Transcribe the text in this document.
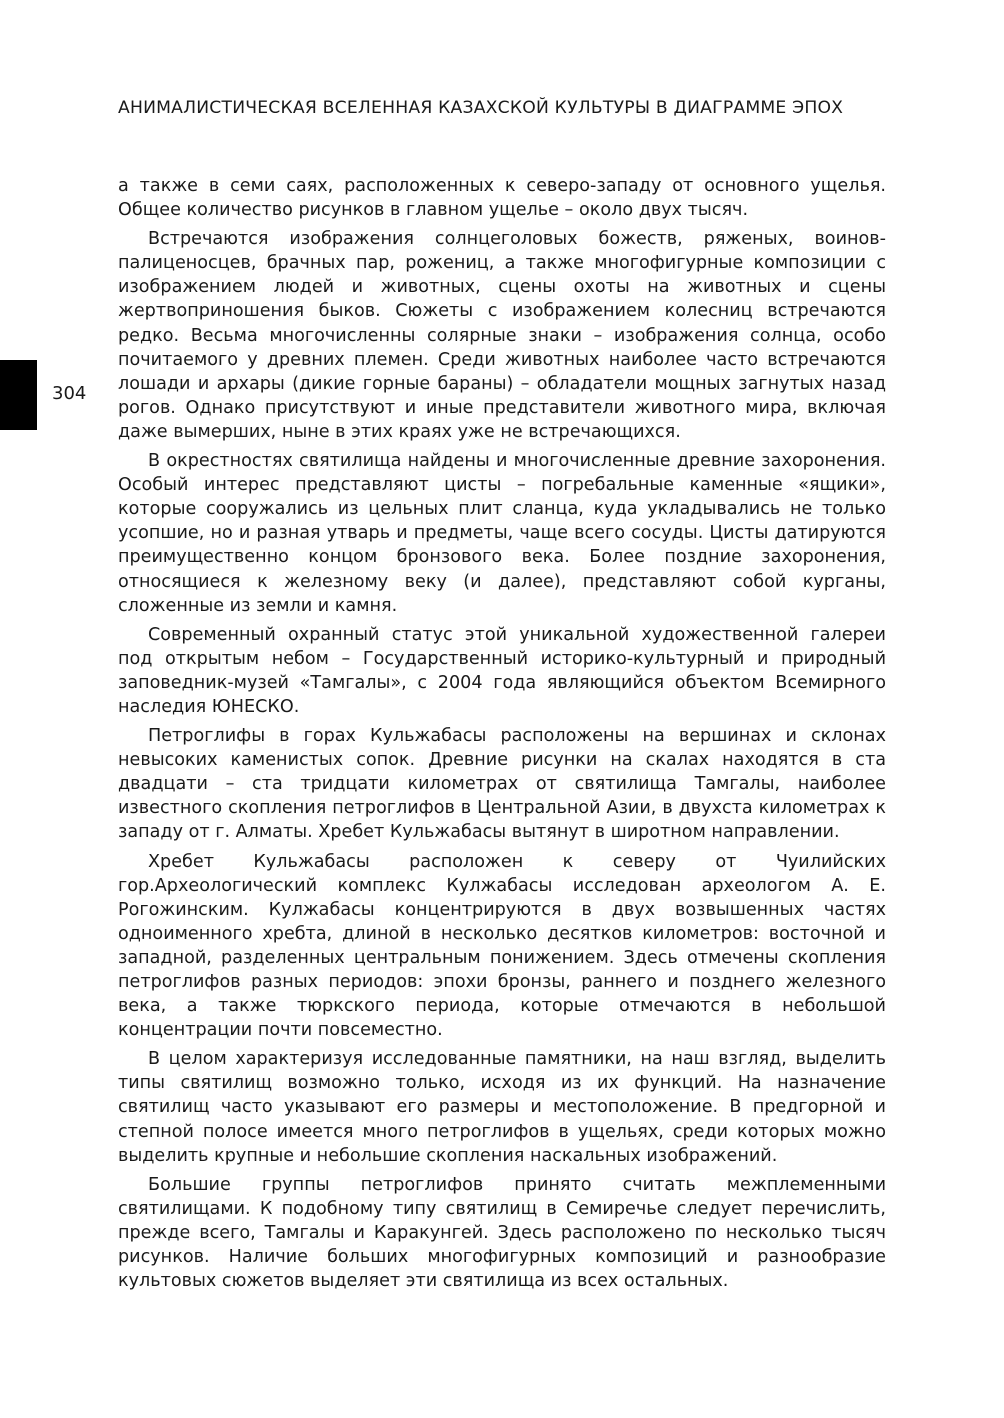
АНИМАЛИСТИЧЕСКАЯ ВСЕЛЕННАЯ КАЗАХСКОЙ КУЛЬТУРЫ В ДИАГРАММЕ ЭПОХ
304

а также в семи саях, расположенных к северо-западу от основного ущелья. Общее количество рисунков в главном ущелье – около двух тысяч.

Встречаются изображения солнцеголовых божеств, ряженых, воинов-палиценосцев, брачных пар, рожениц, а также многофигурные композиции с изображением людей и животных, сцены охоты на животных и сцены жертвоприношения быков. Сюжеты с изображением колесниц встречаются редко. Весьма многочисленны солярные знаки – изображения солнца, особо почитаемого у древних племен. Среди животных наиболее часто встречаются лошади и архары (дикие горные бараны) – обладатели мощных загнутых назад рогов. Однако присутствуют и иные представители животного мира, включая даже вымерших, ныне в этих краях уже не встречающихся.

В окрестностях святилища найдены и многочисленные древние захоронения. Особый интерес представляют цисты – погребальные каменные «ящики», которые сооружались из цельных плит сланца, куда укладывались не только усопшие, но и разная утварь и предметы, чаще всего сосуды. Цисты датируются преимущественно концом бронзового века. Более поздние захоронения, относящиеся к железному веку (и далее), представляют собой курганы, сложенные из земли и камня.

Современный охранный статус этой уникальной художественной галереи под открытым небом – Государственный историко-культурный и природный заповедник-музей «Тамгалы», с 2004 года являющийся объектом Всемирного наследия ЮНЕСКО.

Петроглифы в горах Кульжабасы расположены на вершинах и склонах невысоких каменистых сопок. Древние рисунки на скалах находятся в ста двадцати – ста тридцати километрах от святилища Тамгалы, наиболее известного скопления петроглифов в Центральной Азии, в двухста километрах к западу от г. Алматы. Хребет Кульжабасы вытянут в широтном направлении.

Хребет Кульжабасы расположен к северу от Чуилийских гор.Археологический комплекс Кулжабасы исследован археологом А. Е. Рогожинским. Кулжабасы концентрируются в двух возвышенных частях одноименного хребта, длиной в несколько десятков километров: восточной и западной, разделенных центральным понижением. Здесь отмечены скопления петроглифов разных периодов: эпохи бронзы, раннего и позднего железного века, а также тюркского периода, которые отмечаются в небольшой концентрации почти повсеместно.

В целом характеризуя исследованные памятники, на наш взгляд, выделить типы святилищ возможно только, исходя из их функций. На назначение святилищ часто указывают его размеры и местоположение. В предгорной и степной полосе имеется много петроглифов в ущельях, среди которых можно выделить крупные и небольшие скопления наскальных изображений.

Большие группы петроглифов принято считать межплеменными святилищами. К подобному типу святилищ в Семиречье следует перечислить, прежде всего, Тамгалы и Каракунгей. Здесь расположено по несколько тысяч рисунков. Наличие больших многофигурных композиций и разнообразие культовых сюжетов выделяет эти святилища из всех остальных.
